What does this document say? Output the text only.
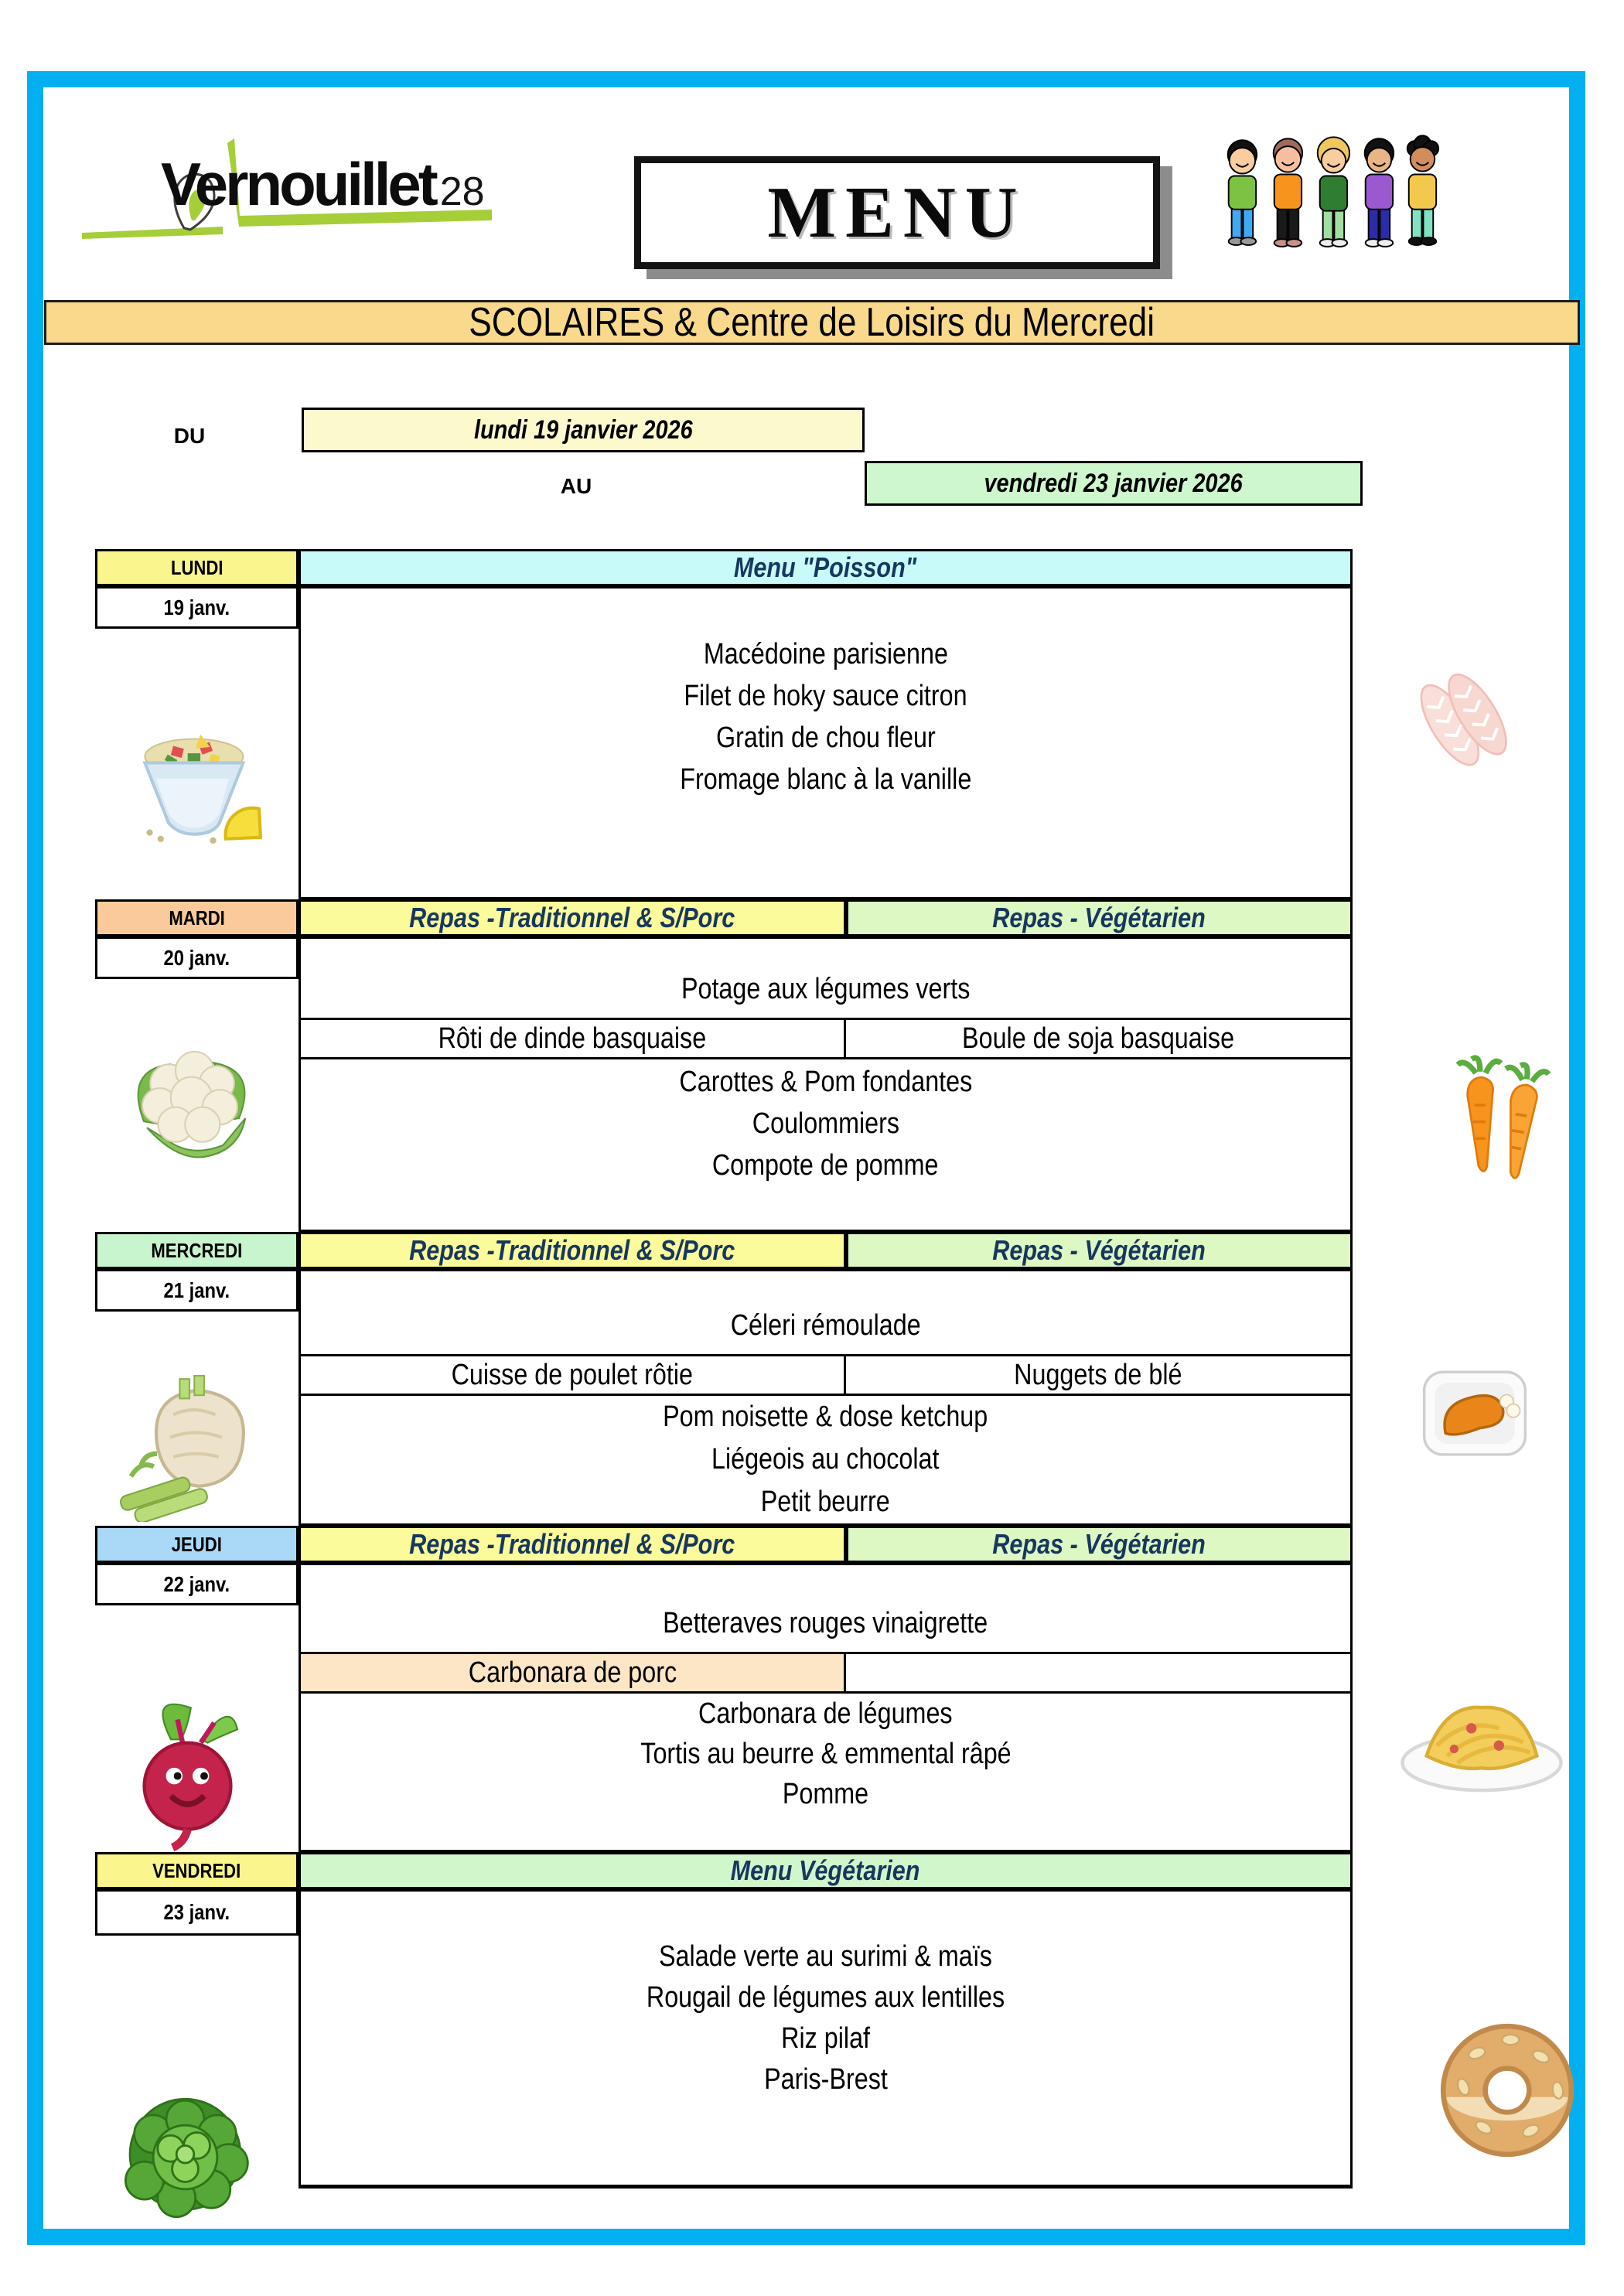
Vernouillet 28	MENU
SCOLAIRES & Centre de Loisirs du Mercredi
DU	lundi 19 janvier 2026
AU	vendredi 23 janvier 2026
LUNDI	Menu "Poisson"
19 janv.
Macédoine parisienne
Filet de hoky sauce citron
Gratin de chou fleur
Fromage blanc à la vanille
MARDI	Repas -Traditionnel & S/Porc	Repas - Végétarien
20 janv.
Potage aux légumes verts
Rôti de dinde basquaise	Boule de soja basquaise
Carottes & Pom fondantes
Coulommiers
Compote de pomme
MERCREDI	Repas -Traditionnel & S/Porc	Repas - Végétarien
21 janv.
Céleri rémoulade
Cuisse de poulet rôtie	Nuggets de blé
Pom noisette & dose ketchup
Liégeois au chocolat
Petit beurre
JEUDI	Repas -Traditionnel & S/Porc	Repas - Végétarien
22 janv.
Betteraves rouges vinaigrette
Carbonara de porc
Carbonara de légumes
Tortis au beurre & emmental râpé
Pomme
VENDREDI	Menu Végétarien
23 janv.
Salade verte au surimi & maïs
Rougail de légumes aux lentilles
Riz pilaf
Paris-Brest
